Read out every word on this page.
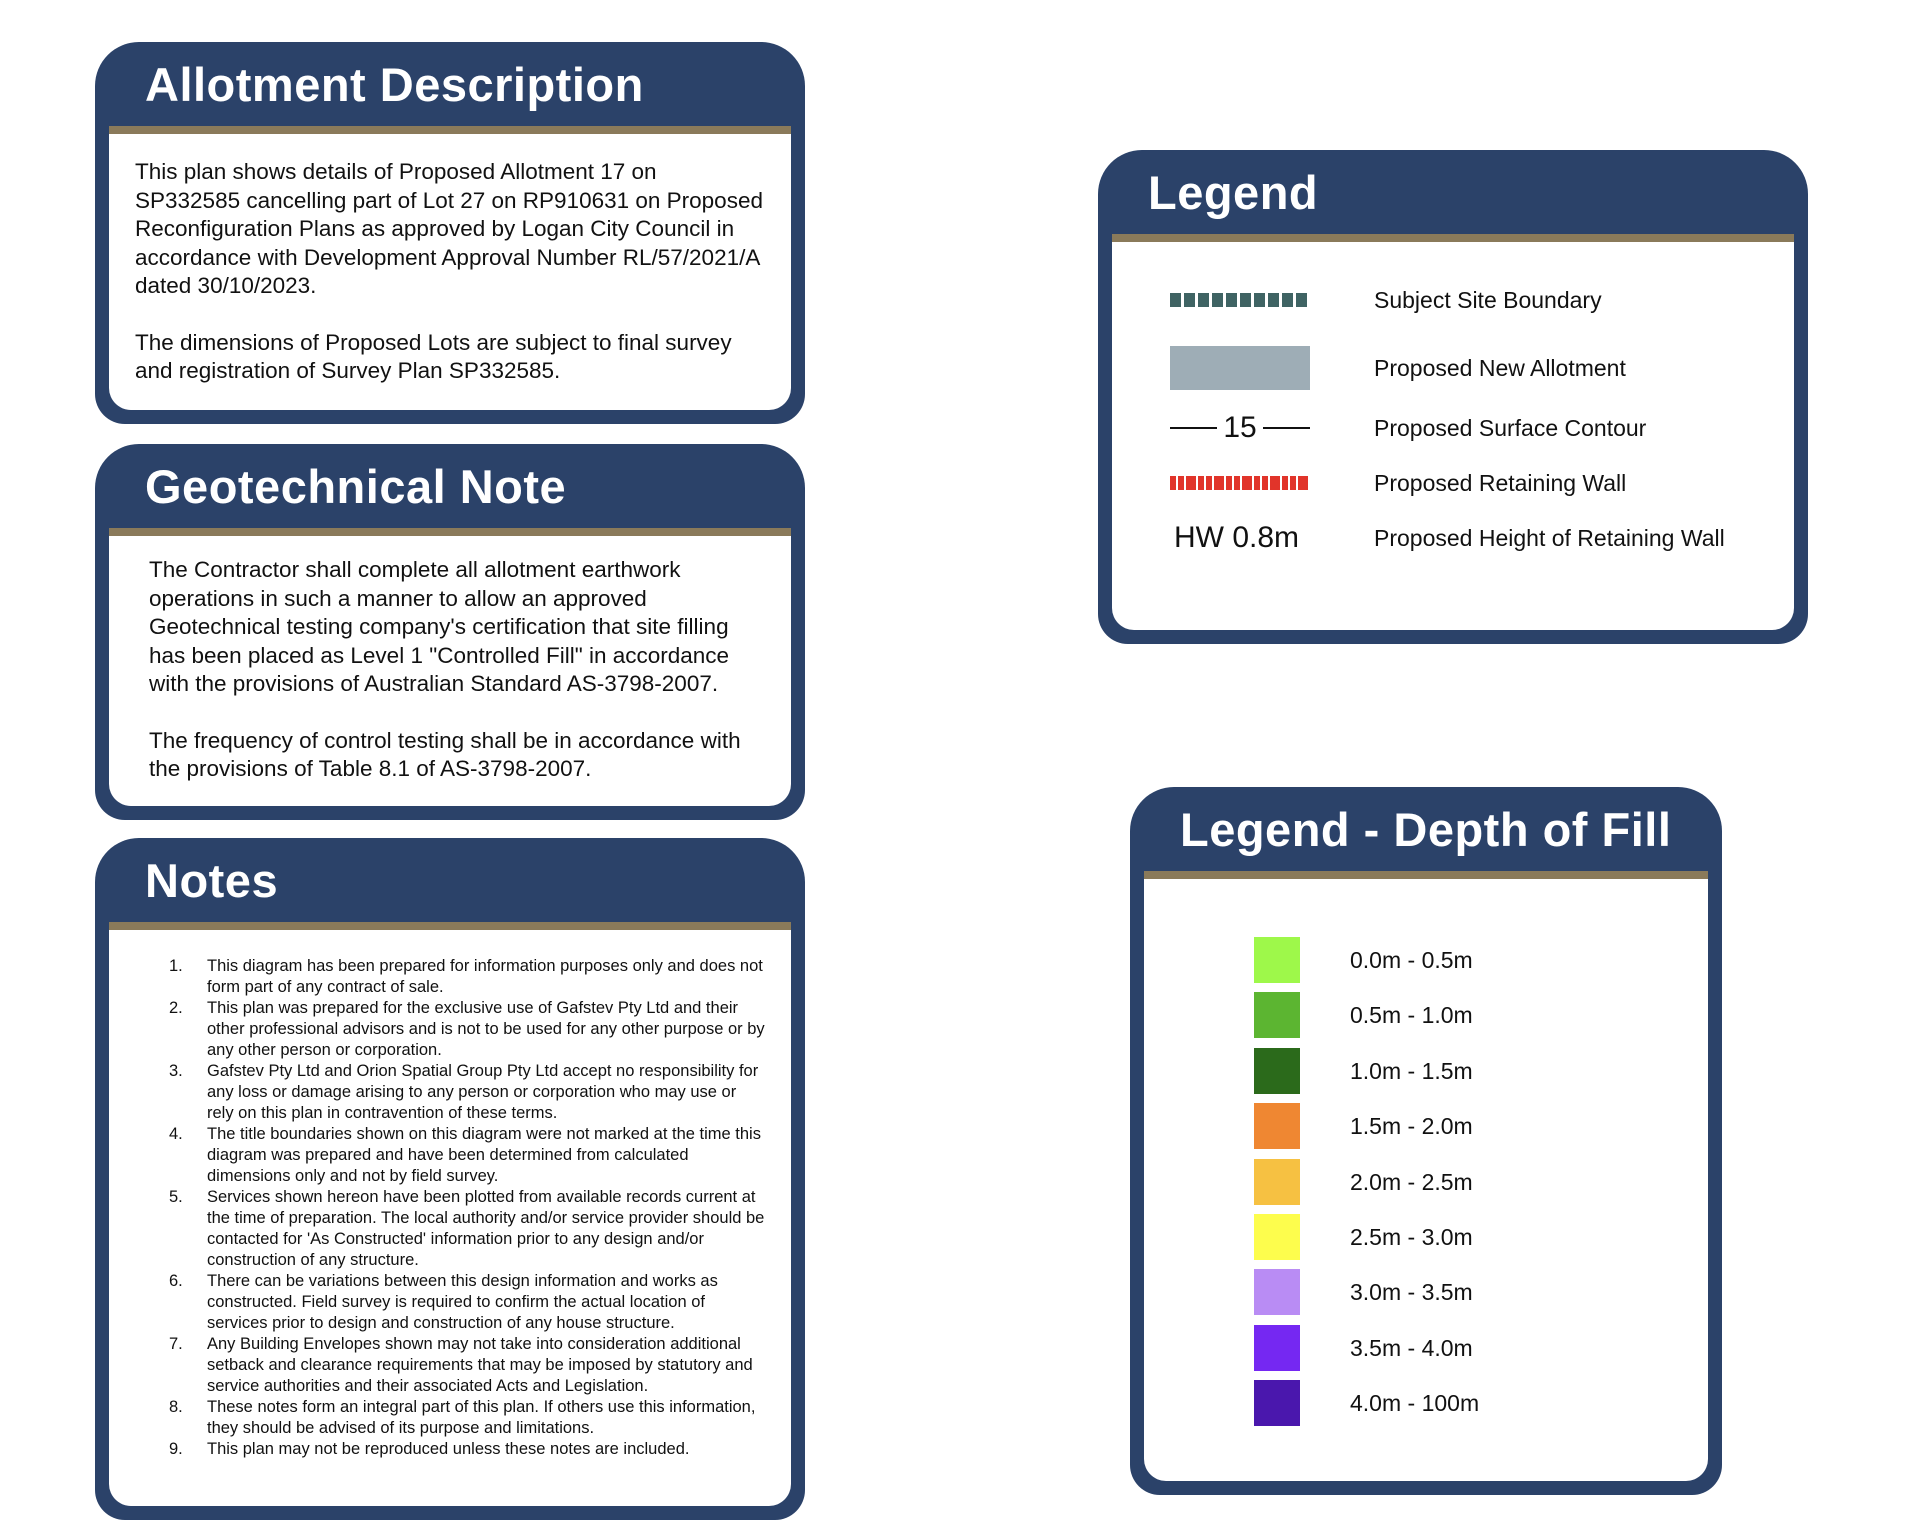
Allotment Description

This plan shows details of Proposed Allotment 17 on SP332585 cancelling part of Lot 27 on RP910631 on Proposed Reconfiguration Plans as approved by Logan City Council in accordance with Development Approval Number RL/57/2021/A dated 30/10/2023.

The dimensions of Proposed Lots are subject to final survey and registration of Survey Plan SP332585.

Geotechnical Note

The Contractor shall complete all allotment earthwork operations in such a manner to allow an approved Geotechnical testing company's certification that site filling has been placed as Level 1 "Controlled Fill" in accordance with the provisions of Australian Standard AS-3798-2007.

The frequency of control testing shall be in accordance with the provisions of Table 8.1 of AS-3798-2007.

Notes
1.	This diagram has been prepared for information purposes only and does not form part of any contract of sale.
2.	This plan was prepared for the exclusive use of Gafstev Pty Ltd and their other professional advisors and is not to be used for any other purpose or by any other person or corporation.
3.	Gafstev Pty Ltd and Orion Spatial Group Pty Ltd accept no responsibility for any loss or damage arising to any person or corporation who may use or rely on this plan in contravention of these terms.
4.	The title boundaries shown on this diagram were not marked at the time this diagram was prepared and have been determined from calculated dimensions only and not by field survey.
5.	Services shown hereon have been plotted from available records current at the time of preparation. The local authority and/or service provider should be contacted for 'As Constructed' information prior to any design and/or construction of any structure.
6.	There can be variations between this design information and works as constructed. Field survey is required to confirm the actual location of services prior to design and construction of any house structure.
7.	Any Building Envelopes shown may not take into consideration additional setback and clearance requirements that may be imposed by statutory and service authorities and their associated Acts and Legislation.
8.	These notes form an integral part of this plan. If others use this information, they should be advised of its purpose and limitations.
9.	This plan may not be reproduced unless these notes are included.
Legend
Subject Site Boundary
Proposed New Allotment
15	Proposed Surface Contour
Proposed Retaining Wall
HW 0.8m	Proposed Height of Retaining Wall
Legend - Depth of Fill
0.0m - 0.5m
0.5m - 1.0m
1.0m - 1.5m
1.5m - 2.0m
2.0m - 2.5m
2.5m - 3.0m
3.0m - 3.5m
3.5m - 4.0m
4.0m - 100m
